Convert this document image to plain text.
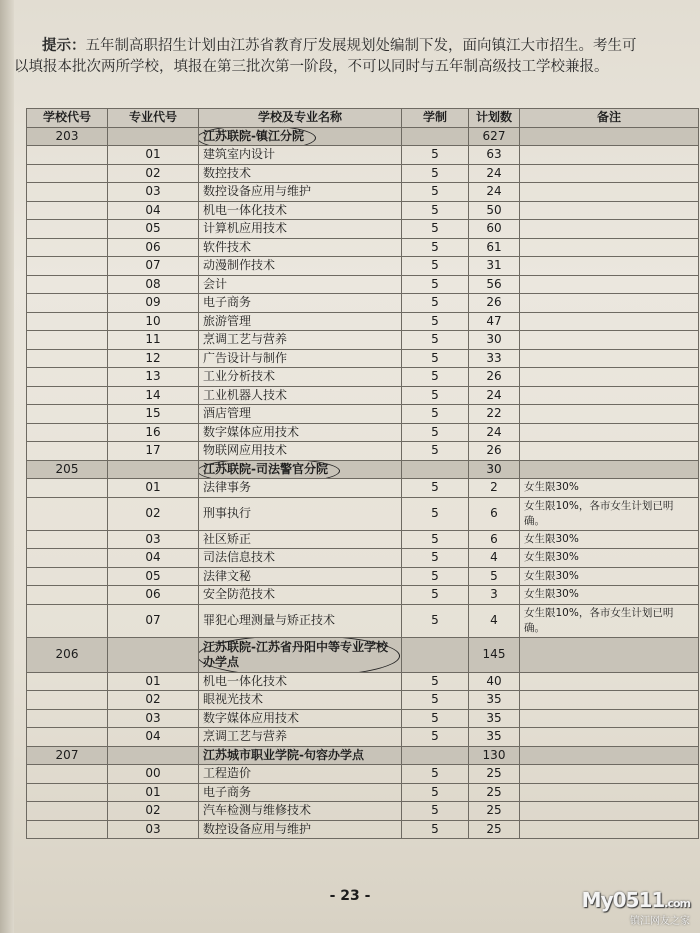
提示：五年制高职招生计划由江苏省教育厅发展规划处编制下发，面向镇江大市招生。考生可
以填报本批次两所学校，填报在第三批次第一阶段，不可以同时与五年制高级技工学校兼报。
学校代号	专业代号	学校及专业名称	学制	计划数	备注
203		江苏联院-镇江分院		627	
	01	建筑室内设计	5	63	
	02	数控技术	5	24	
	03	数控设备应用与维护	5	24	
	04	机电一体化技术	5	50	
	05	计算机应用技术	5	60	
	06	软件技术	5	61	
	07	动漫制作技术	5	31	
	08	会计	5	56	
	09	电子商务	5	26	
	10	旅游管理	5	47	
	11	烹调工艺与营养	5	30	
	12	广告设计与制作	5	33	
	13	工业分析技术	5	26	
	14	工业机器人技术	5	24	
	15	酒店管理	5	22	
	16	数字媒体应用技术	5	24	
	17	物联网应用技术	5	26	
205		江苏联院-司法警官分院		30	
	01	法律事务	5	2	女生限30%
	02	刑事执行	5	6	女生限10%，各市女生计划已明确。
	03	社区矫正	5	6	女生限30%
	04	司法信息技术	5	4	女生限30%
	05	法律文秘	5	5	女生限30%
	06	安全防范技术	5	3	女生限30%
	07	罪犯心理测量与矫正技术	5	4	女生限10%，各市女生计划已明确。
206		江苏联院-江苏省丹阳中等专业学校办学点		145	
	01	机电一体化技术	5	40	
	02	眼视光技术	5	35	
	03	数字媒体应用技术	5	35	
	04	烹调工艺与营养	5	35	
207		江苏城市职业学院-句容办学点		130	
	00	工程造价	5	25	
	01	电子商务	5	25	
	02	汽车检测与维修技术	5	25	
	03	数控设备应用与维护	5	25	
- 23 -	My0511.com
镇江网友之家
